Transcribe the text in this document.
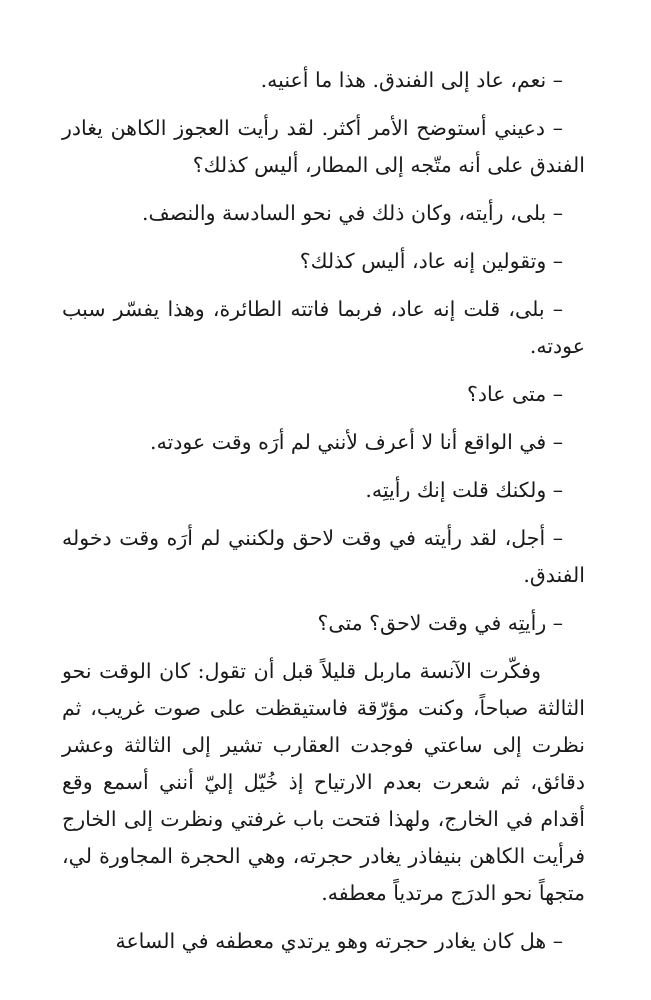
– نعم، عاد إلى الفندق. هذا ما أعنيه.

– دعيني أستوضح الأمر أكثر. لقد رأيت العجوز الكاهن يغادر الفندق على أنه متّجه إلى المطار، أليس كذلك؟

– بلى، رأيته، وكان ذلك في نحو السادسة والنصف.

– وتقولين إنه عاد، أليس كذلك؟

– بلى، قلت إنه عاد، فربما فاتته الطائرة، وهذا يفسّر سبب عودته.

– متى عاد؟

– في الواقع أنا لا أعرف لأنني لم أرَه وقت عودته.

– ولكنك قلت إنك رأيتِه.

– أجل، لقد رأيته في وقت لاحق ولكنني لم أرَه وقت دخوله الفندق.

– رأيتِه في وقت لاحق؟ متى؟

وفكّرت الآنسة ماربل قليلاً قبل أن تقول: كان الوقت نحو الثالثة صباحاً، وكنت مؤرّقة فاستيقظت على صوت غريب، ثم نظرت إلى ساعتي فوجدت العقارب تشير إلى الثالثة وعشر دقائق، ثم شعرت بعدم الارتياح إذ خُيّل إليّ أنني أسمع وقع أقدام في الخارج، ولهذا فتحت باب غرفتي ونظرت إلى الخارج فرأيت الكاهن بنيفاذر يغادر حجرته، وهي الحجرة المجاورة لي، متجهاً نحو الدرَج مرتدياً معطفه.

– هل كان يغادر حجرته وهو يرتدي معطفه في الساعة
